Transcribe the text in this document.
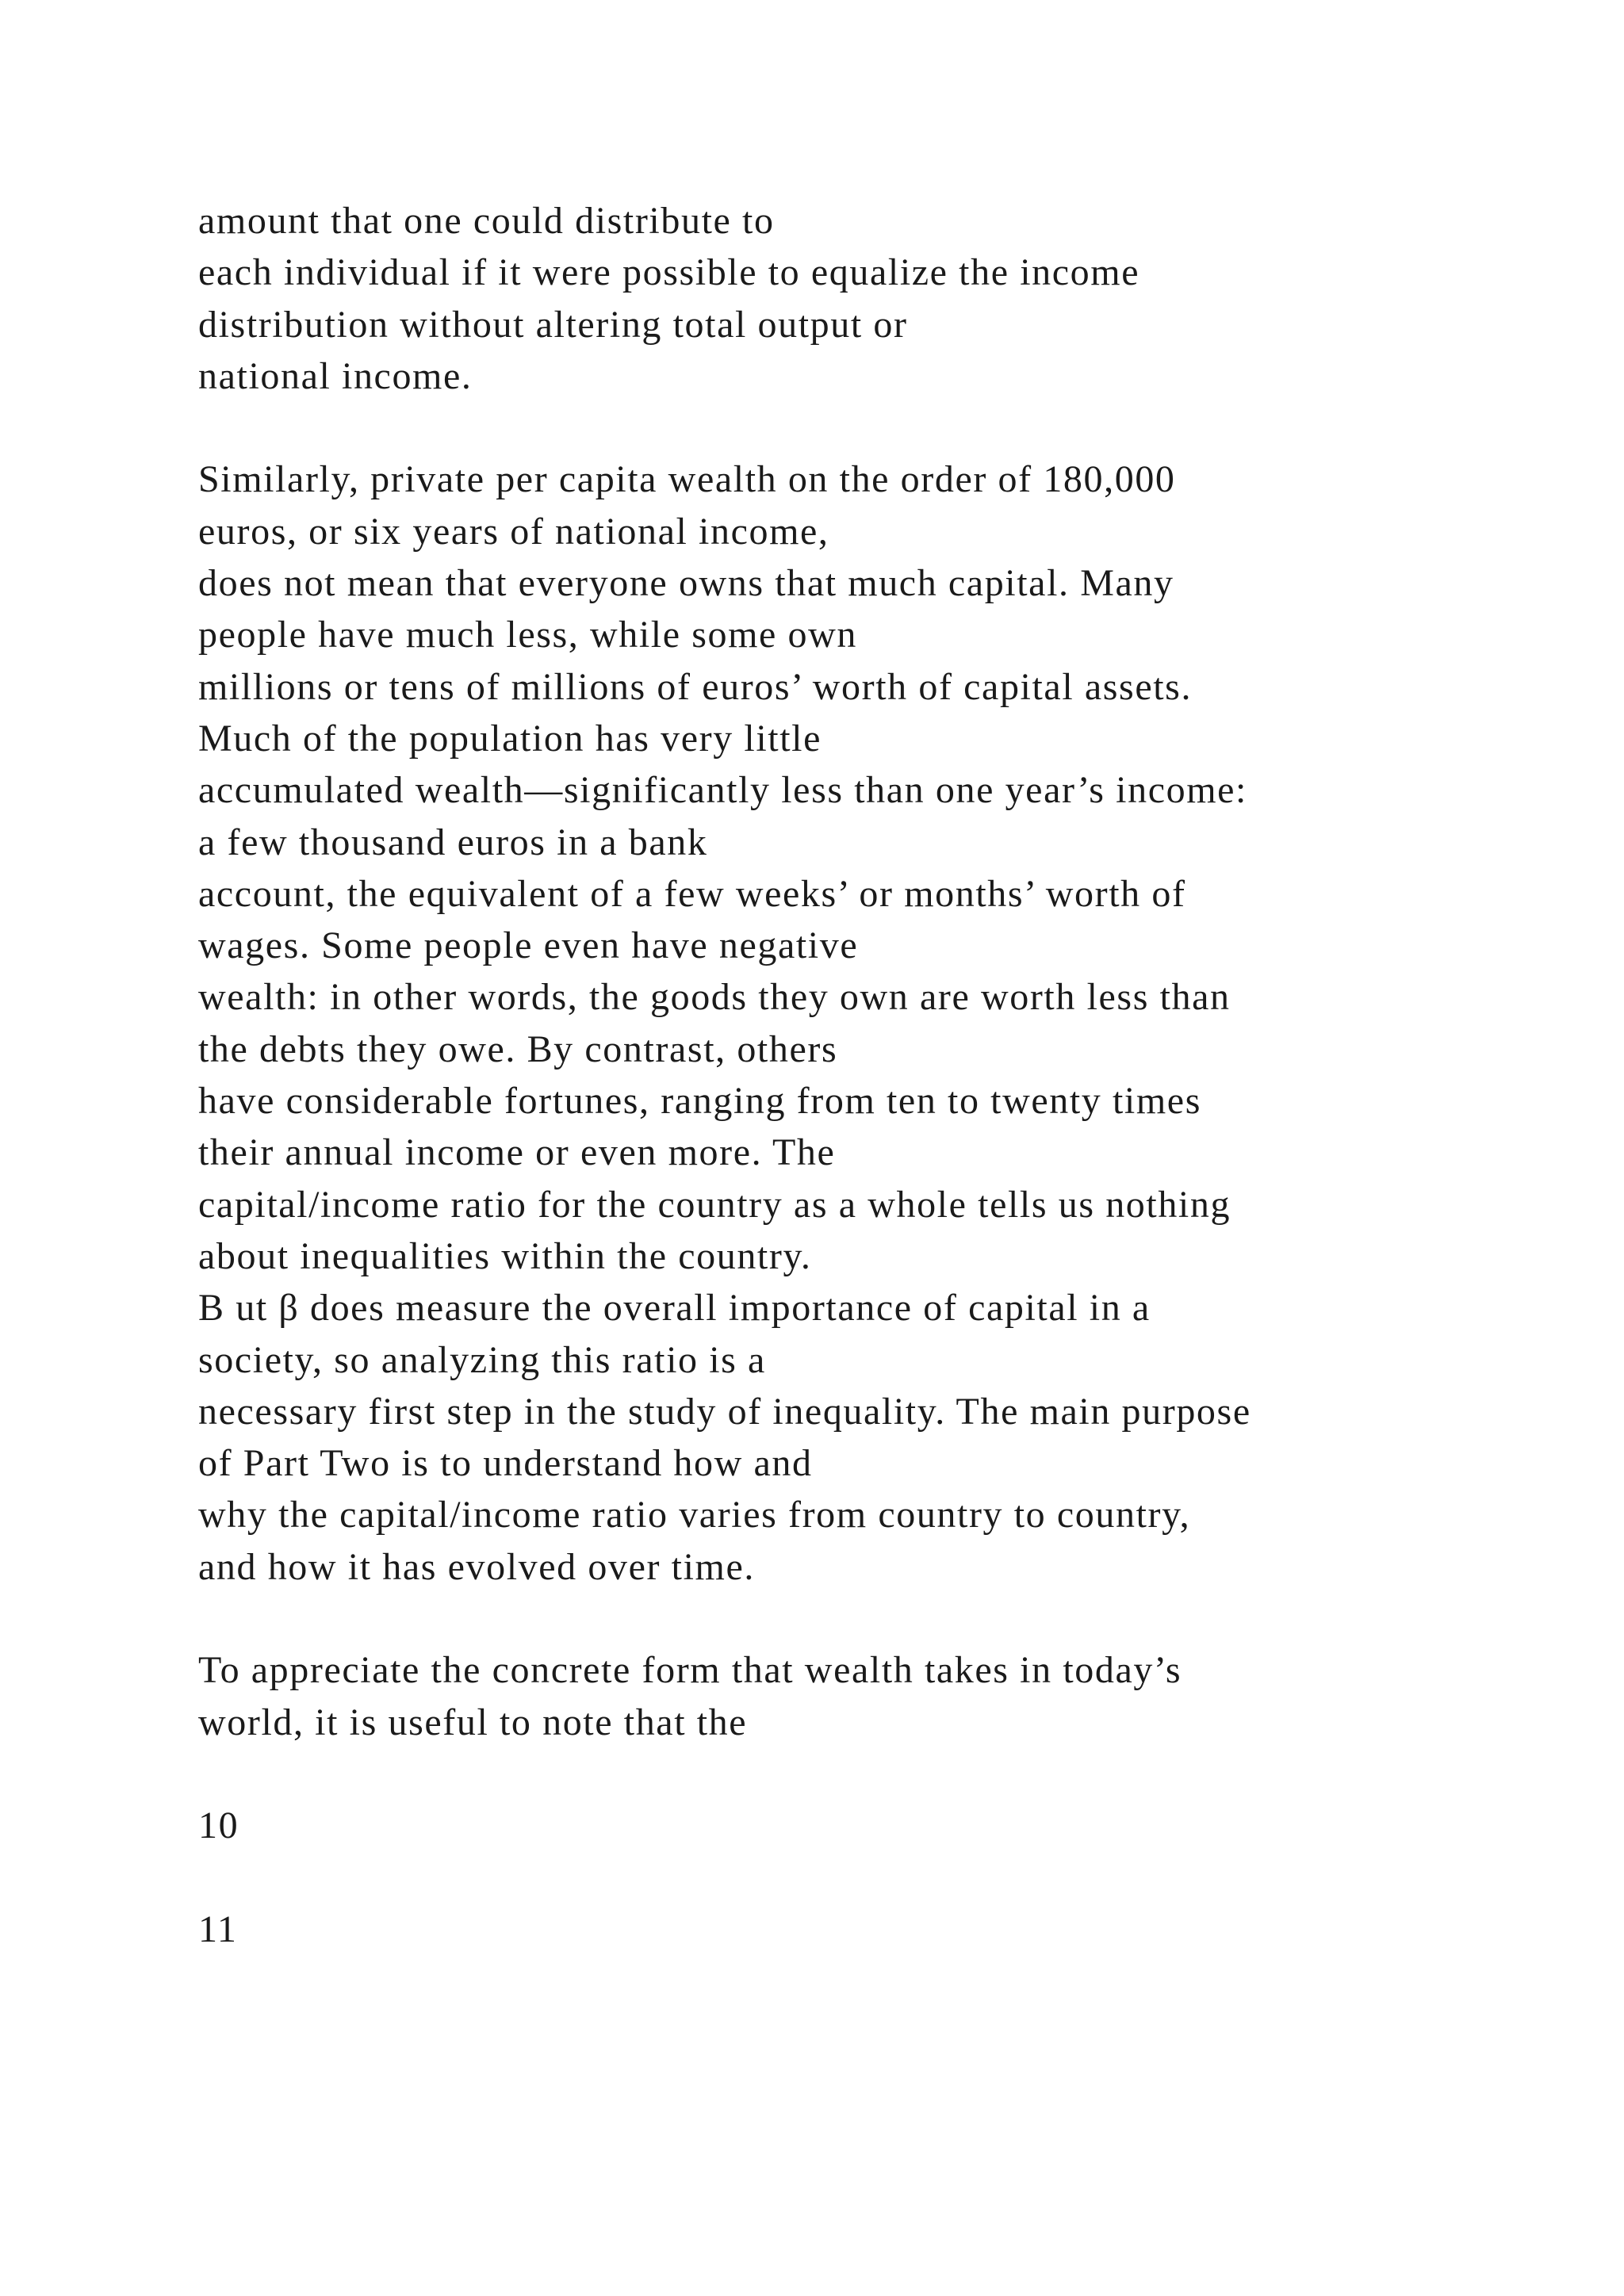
amount that one could distribute to
each individual if it were possible to equalize the income
distribution without altering total output or
national income.
Similarly, private per capita wealth on the order of 180,000
euros, or six years of national income,
does not mean that everyone owns that much capital. Many
people have much less, while some own
millions or tens of millions of euros’ worth of capital assets.
Much of the population has very little
accumulated wealth—significantly less than one year’s income:
a few thousand euros in a bank
account, the equivalent of a few weeks’ or months’ worth of
wages. Some people even have negative
wealth: in other words, the goods they own are worth less than
the debts they owe. By contrast, others
have considerable fortunes, ranging from ten to twenty times
their annual income or even more. The
capital/income ratio for the country as a whole tells us nothing
about inequalities within the country.
B ut β does measure the overall importance of capital in a
society, so analyzing this ratio is a
necessary first step in the study of inequality. The main purpose
of Part Two is to understand how and
why the capital/income ratio varies from country to country,
and how it has evolved over time.
To appreciate the concrete form that wealth takes in today’s
world, it is useful to note that the
10
11
